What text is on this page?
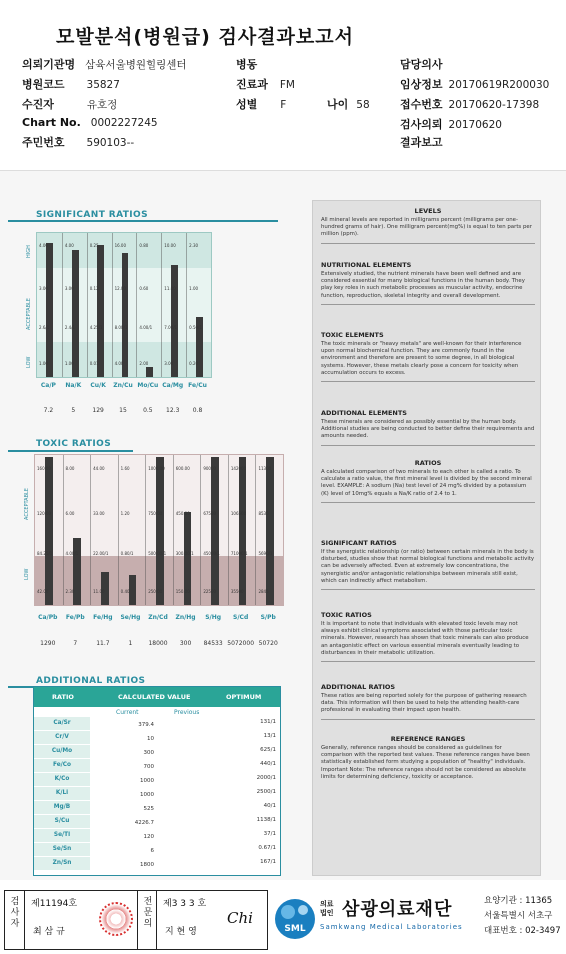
모발분석(병원급) 검사결과보고서
의뢰기관명 삼육서울병원힐링센터	병동	담당의사
병원코드 35827	진료과 FM	임상정보 20170619R200030
수진자	유호정	성별 F	나이 58	접수번호 20170620-17398
Chart No. 0002227245	검사의뢰 20170620
주민번호 590103--	결과보고
SIGNIFICANT RATIOS
HIGH
ACCEPTABLE
LOW
4.00
3.00
2.6/1
1.00
4.00
3.00
2.4/1
1.00
0.25
0.12
4.25/1
0.01
16.00
12.00
8.00/1
4.00
0.80
0.60
4.00/1
2.00
10.00
11.00
7.00/1
3.00
2.30
1.00
0.50/1
0.20
Ca/P Na/K Cu/K Zn/Cu Mo/Cu Ca/Mg Fe/Cu
7.2	5	129	15	0.5 12.3 0.8
TOXIC RATIOS
ACCEPTABLE
LOW
160.00
120.00
84.25/1
42.00
8.00
6.00
4.00/1
2.30
44.00
33.00
22.00/1
11.00
1.60
1.20
0.80/1
0.40
1000.00
750.00
500.00/1
250.00
600.00
450.00
300.00/1
150.00
90000
67500
45000/1
22500
142000
106500
71000/1
35500
11300
8535
5690/1
2845
Ca/Pb Fe/Pb Fe/Hg Se/Hg Zn/Cd Zn/Hg S/Hg S/Cd S/Pb
1290	7	11.7	1	18000 300 84533 5072000 50720
ADDITIONAL RATIOS
RATIO	CALCULATED VALUE	OPTIMUM
Current	Previous
Ca/Sr	379.4	131/1
Cr/V	10	13/1
Cu/Mo	300	625/1
Fe/Co	700	440/1
K/Co	1000	2000/1
K/Li	1000	2500/1
Mg/B	525	40/1
S/Cu	4226.7	1138/1
Se/Tl	120	37/1
Se/Sn	6	0.67/1
Zn/Sn	1800	167/1
LEVELS

All mineral levels are reported in milligrams percent (milligrams per one-hundred grams of hair). One milligram percent(mg%) is equal to ten parts per million (ppm).

NUTRITIONAL ELEMENTS

Extensively studied, the nutrient minerals have been well defined and are considered essential for many biological functions in the human body. They play key roles in such metabolic processes as muscular activity, endocrine function, reproduction, skeletal integrity and overall development.

TOXIC ELEMENTS

The toxic minerals or "heavy metals" are well-known for their interference upon normal biochemical function. They are commonly found in the environment and therefore are present to some degree, in all biological systems. However, these metals clearly pose a concern for toxicity when accumulation occurs to excess.

ADDITIONAL ELEMENTS

These minerals are considered as possibly essential by the human body. Additional studies are being conducted to better define their requirements and amounts needed.

RATIOS

A calculated comparison of two minerals to each other is called a ratio. To calculate a ratio value, the first mineral level is divided by the second mineral level. EXAMPLE: A sodium (Na) test level of 24 mg% divided by a potassium (K) level of 10mg% equals a Na/K ratio of 2.4 to 1.

SIGNIFICANT RATIOS

If the synergistic relationship (or ratio) between certain minerals in the body is disturbed, studies show that normal biological functions and metabolic activity can be adversely affected. Even at extremely low concentrations, the synergistic and/or antagonistic relationships between minerals still exist, which can indirectly affect metabolism.

TOXIC RATIOS

It is important to note that individuals with elevated toxic levels may not always exhibit clinical symptoms associated with those particular toxic minerals. However, research has shown that toxic minerals can also produce an antagonistic effect on various essential minerals eventually leading to disturbances in their metabolic utilization.

ADDITIONAL RATIOS

These ratios are being reported solely for the purpose of gathering research data. This information will then be used to help the attending health-care professional in evaluating their impact upon health.

REFERENCE RANGES

Generally, reference ranges should be considered as guidelines for comparison with the reported test values. These reference ranges have been statistically established form studying a population of "healthy" individuals. Important Note: The reference ranges should not be considered as absolute limits for determining deficiency, toxicity or acceptance.

검
사
자
제11194호
최 삼 규
전
문
의
제3 3 3 호
지 현 영
Chi
SML
의료
법인 삼광의료재단
Samkwang Medical Laboratories
요양기관 : 11365
서울특별시 서초구
대표번호 : 02-3497
